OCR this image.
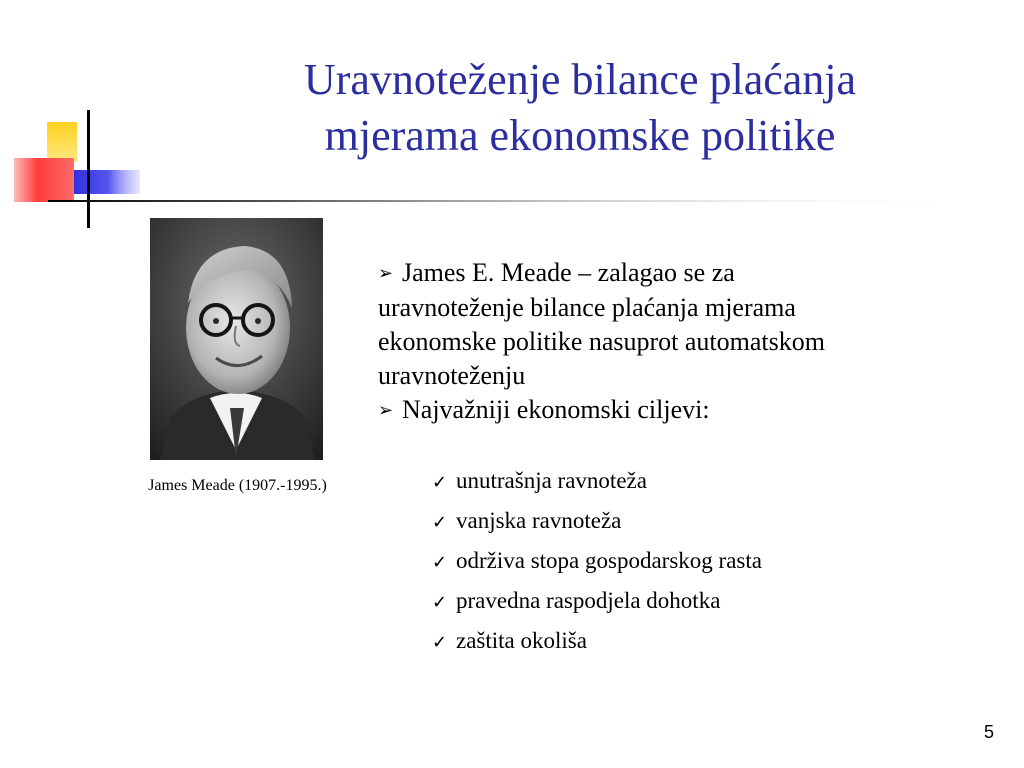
Uravnoteženje bilance plaćanja
mjerama ekonomske politike
James Meade (1907.-1995.)

➢ James E. Meade – zalagao se za
uravnoteženje bilance plaćanja mjerama
ekonomske politike nasuprot automatskom
uravnoteženju

➢ Najvažniji ekonomski ciljevi:

✓ unutrašnja ravnoteža
✓ vanjska ravnoteža
✓ održiva stopa gospodarskog rasta
✓ pravedna raspodjela dohotka
✓ zaštita okoliša
5
